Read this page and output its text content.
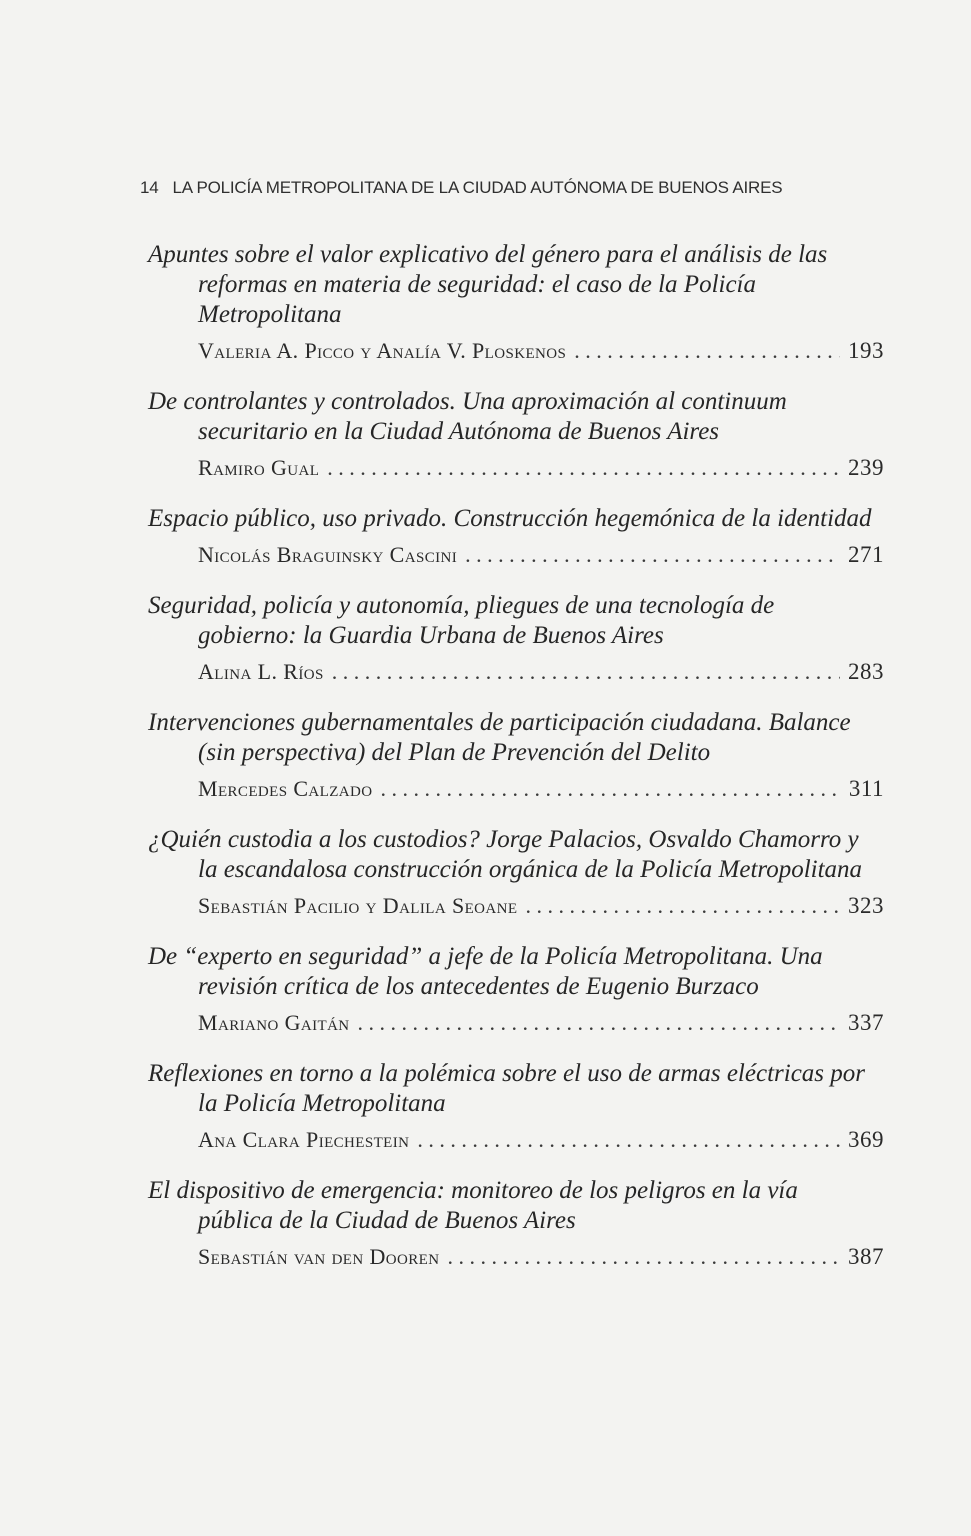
14 LA POLICÍA METROPOLITANA DE LA CIUDAD AUTÓNOMA DE BUENOS AIRES
Apuntes sobre el valor explicativo del género para el análisis de las reformas en materia de seguridad: el caso de la Policía Metropolitana
Valeria A. Picco y Analía V. Ploskenos . . .	193
De controlantes y controlados. Una aproximación al continuum securitario en la Ciudad Autónoma de Buenos Aires
Ramiro Gual . . .	239
Espacio público, uso privado. Construcción hegemónica de la identidad
Nicolás Braguinsky Cascini . . .	271
Seguridad, policía y autonomía, pliegues de una tecnología de gobierno: la Guardia Urbana de Buenos Aires
Alina L. Ríos . . .	283
Intervenciones gubernamentales de participación ciudadana. Balance (sin perspectiva) del Plan de Prevención del Delito
Mercedes Calzado . . .	311
¿Quién custodia a los custodios? Jorge Palacios, Osvaldo Chamorro y la escandalosa construcción orgánica de la Policía Metropolitana
Sebastián Pacilio y Dalila Seoane . . .	323
De “experto en seguridad” a jefe de la Policía Metropolitana. Una revisión crítica de los antecedentes de Eugenio Burzaco
Mariano Gaitán . . .	337
Reflexiones en torno a la polémica sobre el uso de armas eléctricas por la Policía Metropolitana
Ana Clara Piechestein . . .	369
El dispositivo de emergencia: monitoreo de los peligros en la vía pública de la Ciudad de Buenos Aires
Sebastián van den Dooren . . .	387
